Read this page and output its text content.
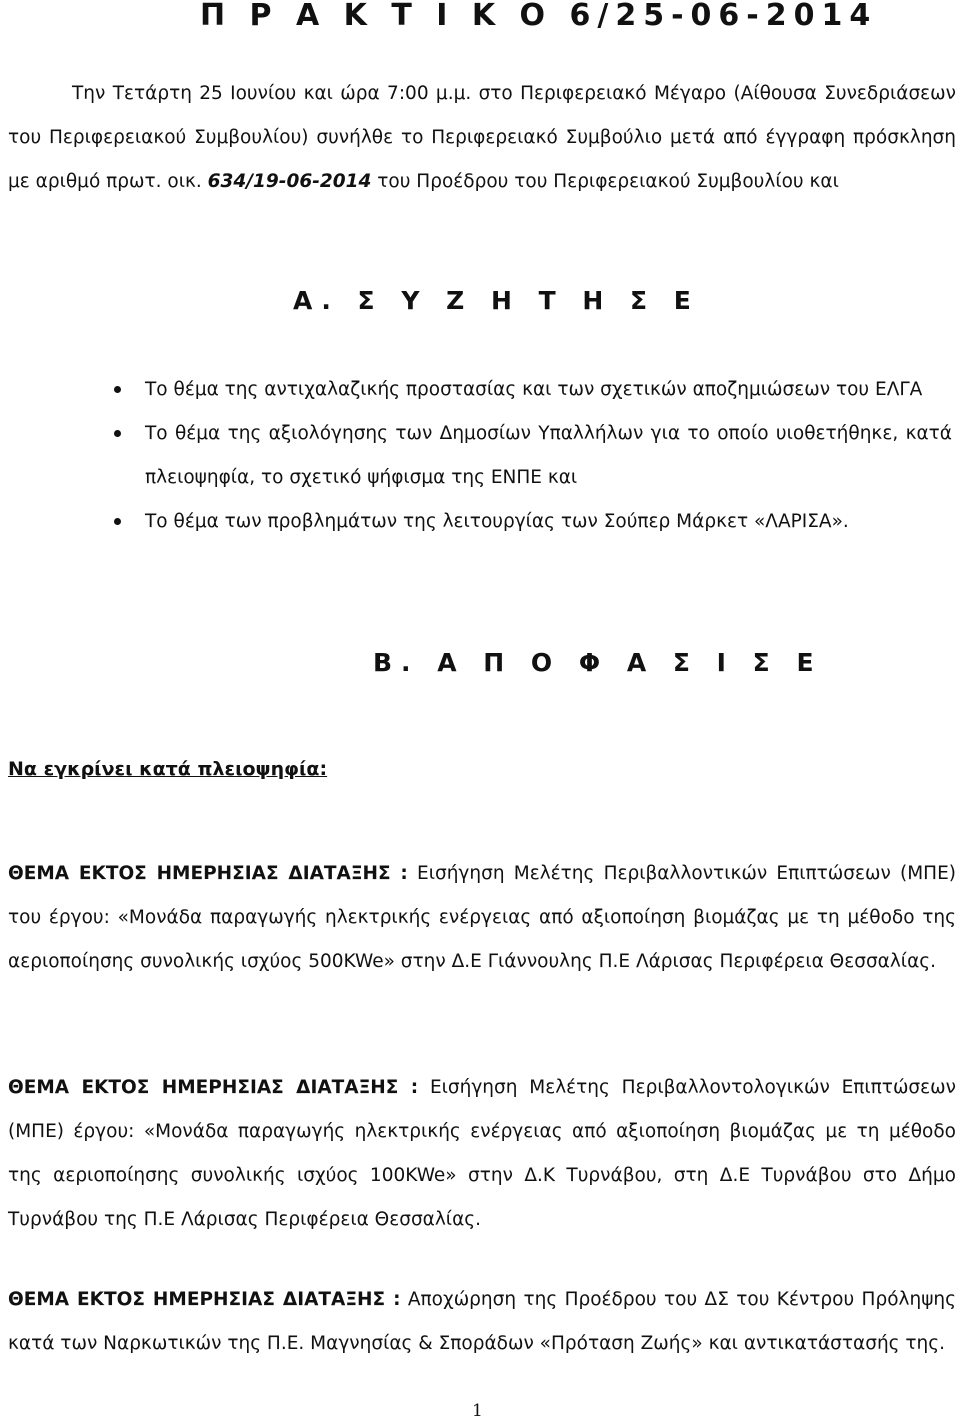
Π Ρ Α Κ Τ Ι Κ Ο 6/25-06-2014

Την Τετάρτη 25 Ιουνίου και ώρα 7:00 μ.μ. στο Περιφερειακό Μέγαρο (Αίθουσα Συνεδριάσεων του Περιφερειακού Συμβουλίου) συνήλθε το Περιφερειακό Συμβούλιο μετά από έγγραφη πρόσκληση με αριθμό πρωτ. οικ. 634/19-06-2014 του Προέδρου του Περιφερειακού Συμβουλίου και

Α. Σ Υ Ζ Η Τ Η Σ Ε

Το θέμα της αντιχαλαζικής προστασίας και των σχετικών αποζημιώσεων του ΕΛΓΑ

Το θέμα της αξιολόγησης των Δημοσίων Υπαλλήλων για το οποίο υιοθετήθηκε, κατά πλειοψηφία, το σχετικό ψήφισμα της ΕΝΠΕ και

Το θέμα των προβλημάτων της λειτουργίας των Σούπερ Μάρκετ «ΛΑΡΙΣΑ».

Β. Α Π Ο Φ Α Σ Ι Σ Ε

Να εγκρίνει κατά πλειοψηφία:

ΘΕΜΑ ΕΚΤΟΣ ΗΜΕΡΗΣΙΑΣ ΔΙΑΤΑΞΗΣ : Εισήγηση Μελέτης Περιβαλλοντικών Επιπτώσεων (ΜΠΕ) του έργου: «Μονάδα παραγωγής ηλεκτρικής ενέργειας από αξιοποίηση βιομάζας με τη μέθοδο της αεριοποίησης συνολικής ισχύος 500KWe» στην Δ.Ε Γιάννουλης Π.Ε Λάρισας Περιφέρεια Θεσσαλίας.

ΘΕΜΑ ΕΚΤΟΣ ΗΜΕΡΗΣΙΑΣ ΔΙΑΤΑΞΗΣ : Εισήγηση Μελέτης Περιβαλλοντολογικών Επιπτώσεων (ΜΠΕ) έργου: «Μονάδα παραγωγής ηλεκτρικής ενέργειας από αξιοποίηση βιομάζας με τη μέθοδο της αεριοποίησης συνολικής ισχύος 100KWe» στην Δ.Κ Τυρνάβου, στη Δ.Ε Τυρνάβου στο Δήμο Τυρνάβου της Π.Ε Λάρισας Περιφέρεια Θεσσαλίας.

ΘΕΜΑ ΕΚΤΟΣ ΗΜΕΡΗΣΙΑΣ ΔΙΑΤΑΞΗΣ : Αποχώρηση της Προέδρου του ΔΣ του Κέντρου Πρόληψης κατά των Ναρκωτικών της Π.Ε. Μαγνησίας & Σποράδων «Πρόταση Ζωής» και αντικατάστασής της.

1
